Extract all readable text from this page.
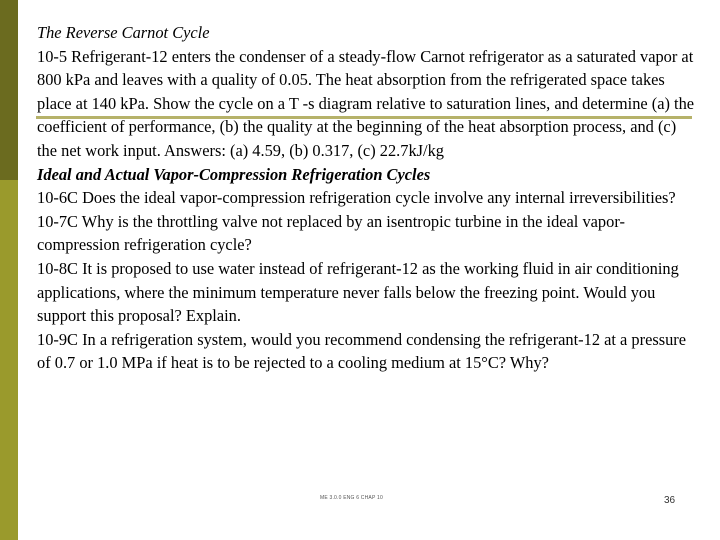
The Reverse Carnot Cycle

10-5 Refrigerant-12 enters the condenser of a steady-flow Carnot refrigerator as a saturated vapor at 800 kPa and leaves with a quality of 0.05. The heat absorption from the refrigerated space takes place at 140 kPa. Show the cycle on a T -s diagram relative to saturation lines, and determine (a) the coefficient of performance, (b) the quality at the beginning of the heat absorption process, and (c) the net work input. Answers: (a) 4.59, (b) 0.317, (c) 22.7kJ/kg

Ideal and Actual Vapor-Compression Refrigeration Cycles

10-6C Does the ideal vapor-compression refrigeration cycle involve any internal irreversibilities?

10-7C Why is the throttling valve not replaced by an isentropic turbine in the ideal vapor-compression refrigeration cycle?

10-8C It is proposed to use water instead of refrigerant-12 as the working fluid in air conditioning applications, where the minimum temperature never falls below the freezing point. Would you support this proposal? Explain.

10-9C In a refrigeration system, would you recommend condensing the refrigerant-12 at a pressure of 0.7 or 1.0 MPa if heat is to be rejected to a cooling medium at 15°C? Why?

ME 3.0.0 ENG 6 CHAP 10	36
